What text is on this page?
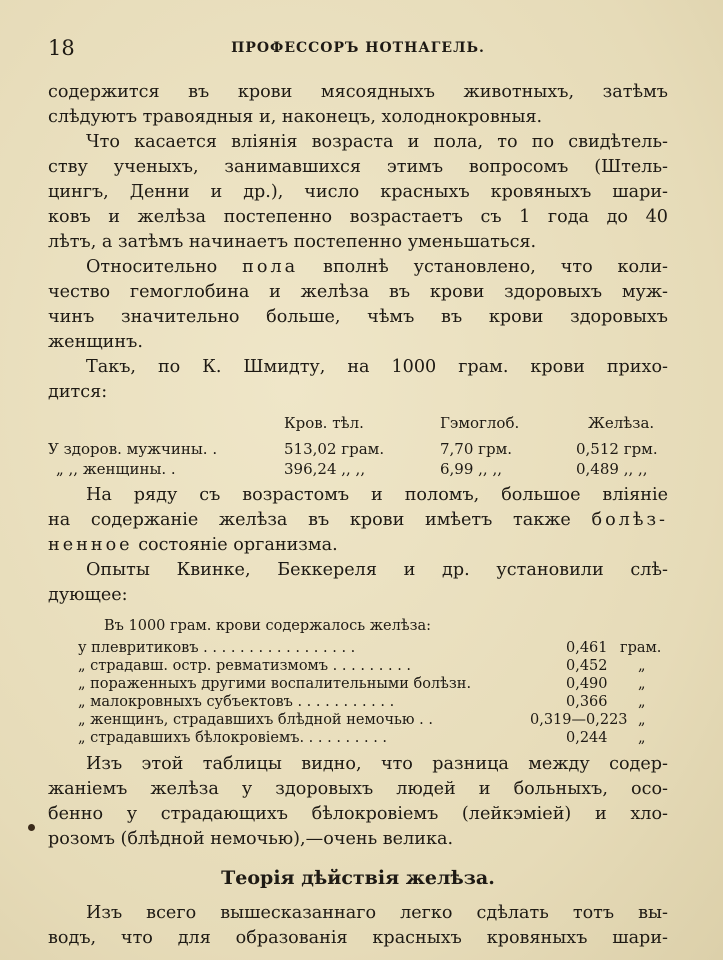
18	ПРОФЕССОРЪ НОТНАГЕЛЬ.
содержится въ крови мясоядныхъ животныхъ, затѣмъ
слѣдуютъ травоядныя и, наконецъ, холоднокровныя.
Что касается вліянія возраста и пола, то по свидѣтель-
ству ученыхъ, занимавшихся этимъ вопросомъ (Штель-
цингъ, Денни и др.), число красныхъ кровяныхъ шари-
ковъ и желѣза постепенно возрастаетъ съ 1 года до 40
лѣтъ, а затѣмъ начинаетъ постепенно уменьшаться.
Относительно пола вполнѣ установлено, что коли-
чество гемоглобина и желѣза въ крови здоровыхъ муж-
чинъ значительно больше, чѣмъ въ крови здоровыхъ
женщинъ.
Такъ, по К. Шмидту, на 1000 грам. крови прихо-
дится:
Кров. тѣл.	Гэмоглоб.	Желѣза.
У здоров. мужчины. .	513,02 грам.	7,70 грм.	0,512 грм.
„ ,, женщины. .	396,24 ,, ,,	6,99 ,, ,,	0,489 ,, ,,
На ряду съ возрастомъ и поломъ, большое вліяніе
на содержаніе желѣза въ крови имѣетъ также болѣз-
ненное состояніе организма.
Опыты Квинке, Беккереля и др. установили слѣ-
дующее:
Въ 1000 грам. крови содержалось желѣза:
у плевритиковъ . . . . . . . . . . . . . . . . .	0,461 грам.
„ страдавш. остр. ревматизмомъ . . . . . . . . .	0,452 „
„ пораженныхъ другими воспалительными болѣзн.	0,490 „
„ малокровныхъ субъектовъ . . . . . . . . . . .	0,366 „
„ женщинъ, страдавшихъ блѣдной немочью . .	0,319—0,223 „
„ страдавшихъ бѣлокровіемъ. . . . . . . . . .	0,244 „
Изъ этой таблицы видно, что разница между содер-
жаніемъ желѣза у здоровыхъ людей и больныхъ, осо-
бенно у страдающихъ бѣлокровіемъ (лейкэміей) и хло-
розомъ (блѣдной немочью),—очень велика.
Теорія дѣйствія желѣза.
Изъ всего вышесказаннаго легко сдѣлать тотъ вы-
водъ, что для образованія красныхъ кровяныхъ шари-
